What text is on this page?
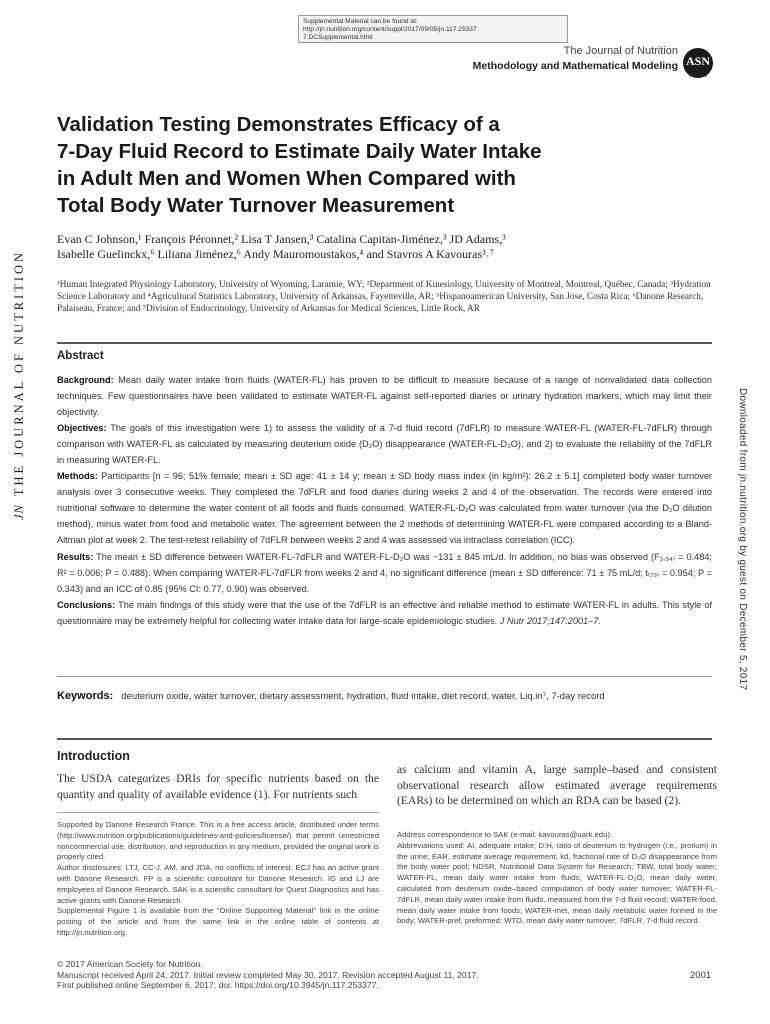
Supplemental Material can be found at:
http://jn.nutrition.org/content/suppl/2017/09/05/jn.117.25337
7.DCSupplemental.html
The Journal of Nutrition
Methodology and Mathematical Modeling ASN
EST. 1928
JNTHE JOURNAL OF NUTRITION
Downloaded from jn.nutrition.org by guest on December 5, 2017
Validation Testing Demonstrates Efficacy of a
7-Day Fluid Record to Estimate Daily Water Intake
in Adult Men and Women When Compared with
Total Body Water Turnover Measurement
Evan C Johnson,¹ François Péronnet,² Lisa T Jansen,³ Catalina Capitan-Jiménez,³ JD Adams,³
Isabelle Guelinckx,⁶ Liliana Jiménez,⁶ Andy Mauromoustakos,⁴ and Stavros A Kavouras³˒⁷
¹Human Integrated Physiology Laboratory, University of Wyoming, Laramie, WY; ²Department of Kinesiology, University of Montreal, Montreal, Québec, Canada; ³Hydration Science Laboratory and ⁴Agricultural Statistics Laboratory, University of Arkansas, Fayetteville, AR; ⁵Hispanoamerican University, San Jose, Costa Rica; ⁶Danone Research, Palaiseau, France; and ⁷Division of Endocrinology, University of Arkansas for Medical Sciences, Little Rock, AR
Abstract
Background: Mean daily water intake from fluids (WATER-FL) has proven to be difficult to measure because of a range of nonvalidated data collection techniques. Few questionnaires have been validated to estimate WATER-FL against self-reported diaries or urinary hydration markers, which may limit their objectivity.
Objectives: The goals of this investigation were 1) to assess the validity of a 7-d fluid record (7dFLR) to measure WATER-FL (WATER-FL-7dFLR) through comparison with WATER-FL as calculated by measuring deuterium oxide (D₂O) disappearance (WATER-FL-D₂O), and 2) to evaluate the reliability of the 7dFLR in measuring WATER-FL.
Methods: Participants [n = 96; 51% female; mean ± SD age: 41 ± 14 y; mean ± SD body mass index (in kg/m²): 26.2 ± 5.1] completed body water turnover analysis over 3 consecutive weeks. They completed the 7dFLR and food diaries during weeks 2 and 4 of the observation. The records were entered into nutritional software to determine the water content of all foods and fluids consumed. WATER-FL-D₂O was calculated from water turnover (via the D₂O dilution method), minus water from food and metabolic water. The agreement between the 2 methods of determining WATER-FL were compared according to a Bland-Altman plot at week 2. The test-retest reliability of 7dFLR between weeks 2 and 4 was assessed via intraclass correlation (ICC).
Results: The mean ± SD difference between WATER-FL-7dFLR and WATER-FL-D₂O was −131 ± 845 mL/d. In addition, no bias was observed (F₁,₉₄₎ = 0.484; R² = 0.006; P = 0.488). When comparing WATER-FL-7dFLR from weeks 2 and 4, no significant difference (mean ± SD difference: 71 ± 75 mL/d; t₍₇₉₎ = 0.954; P = 0.343) and an ICC of 0.85 (95% CI: 0.77, 0.90) was observed.
Conclusions: The main findings of this study were that the use of the 7dFLR is an effective and reliable method to estimate WATER-FL in adults. This style of questionnaire may be extremely helpful for collecting water intake data for large-scale epidemiologic studies. J Nutr 2017;147:2001–7.
Keywords: deuterium oxide, water turnover, dietary assessment, hydration, fluid intake, diet record, water, Liq.in⁷, 7-day record
Introduction
The USDA categorizes DRIs for specific nutrients based on the quantity and quality of available evidence (1). For nutrients such
as calcium and vitamin A, large sample–based and consistent observational research allow estimated average requirements (EARs) to be determined on which an RDA can be based (2).
Supported by Danone Research France. This is a free access article, distributed under terms (http://www.nutrition.org/publications/guidelines-and-policies/license/) that permit unrestricted noncommercial use, distribution, and reproduction in any medium, provided the original work is properly cited.
Author disclosures: LTJ, CC-J, AM, and JDA, no conflicts of interest. ECJ has an active grant with Danone Research. FP is a scientific consultant for Danone Research. IG and LJ are employees of Danone Research. SAK is a scientific consultant for Quest Diagnostics and has active grants with Danone Research.
Supplemental Figure 1 is available from the "Online Supporting Material" link in the online posting of the article and from the same link in the online table of contents at http://jn.nutrition.org.
Address correspondence to SAK (e-mail: kavouras@uark.edu).
Abbreviations used: AI, adequate intake; D:H, ratio of deuterium to hydrogen (i.e., protium) in the urine; EAR, estimate average requirement; kd, fractional rate of D₂O disappearance from the body water pool; NDSR, Nutritional Data System for Research; TBW, total body water; WATER-FL, mean daily water intake from fluids; WATER-FL-D₂O, mean daily water, calculated from deuterium oxide–based computation of body water turnover; WATER-FL-7dFLR, mean daily water intake from fluids, measured from the 7-d fluid record; WATER-food, mean daily water intake from foods; WATER-met, mean daily metabolic water formed in the body; WATER-pref, preformed; WTO, mean daily water turnover; 7dFLR, 7-d fluid record.
© 2017 American Society for Nutrition.
Manuscript received April 24, 2017. Initial review completed May 30, 2017. Revision accepted August 11, 2017.
First published online September 6, 2017; doi: https://doi.org/10.3945/jn.117.253377.
2001
